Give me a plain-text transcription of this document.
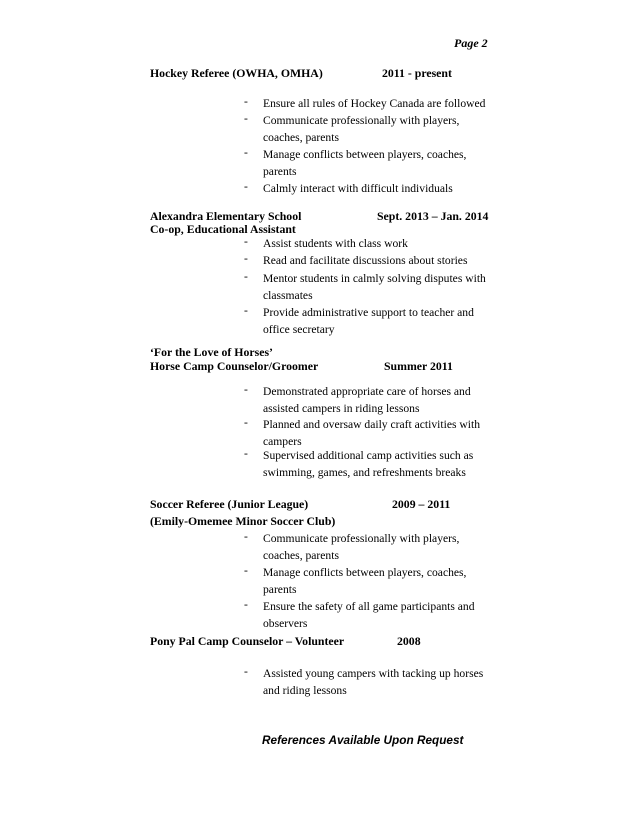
Page 2
Hockey Referee (OWHA, OMHA)	2011 - present
- Ensure all rules of Hockey Canada are followed
- Communicate professionally with players,
coaches, parents
- Manage conflicts between players, coaches,
parents
- Calmly interact with difficult individuals
Alexandra Elementary School	Sept. 2013 – Jan. 2014
Co-op, Educational Assistant
- Assist students with class work
- Read and facilitate discussions about stories
- Mentor students in calmly solving disputes with
classmates
- Provide administrative support to teacher and
office secretary
‘For the Love of Horses’
Horse Camp Counselor/Groomer	Summer 2011
- Demonstrated appropriate care of horses and
assisted campers in riding lessons
- Planned and oversaw daily craft activities with
campers
- Supervised additional camp activities such as
swimming, games, and refreshments breaks
Soccer Referee (Junior League)	2009 – 2011
(Emily-Omemee Minor Soccer Club)
- Communicate professionally with players,
coaches, parents
- Manage conflicts between players, coaches,
parents
- Ensure the safety of all game participants and
observers
Pony Pal Camp Counselor – Volunteer	2008
- Assisted young campers with tacking up horses
and riding lessons
References Available Upon Request
